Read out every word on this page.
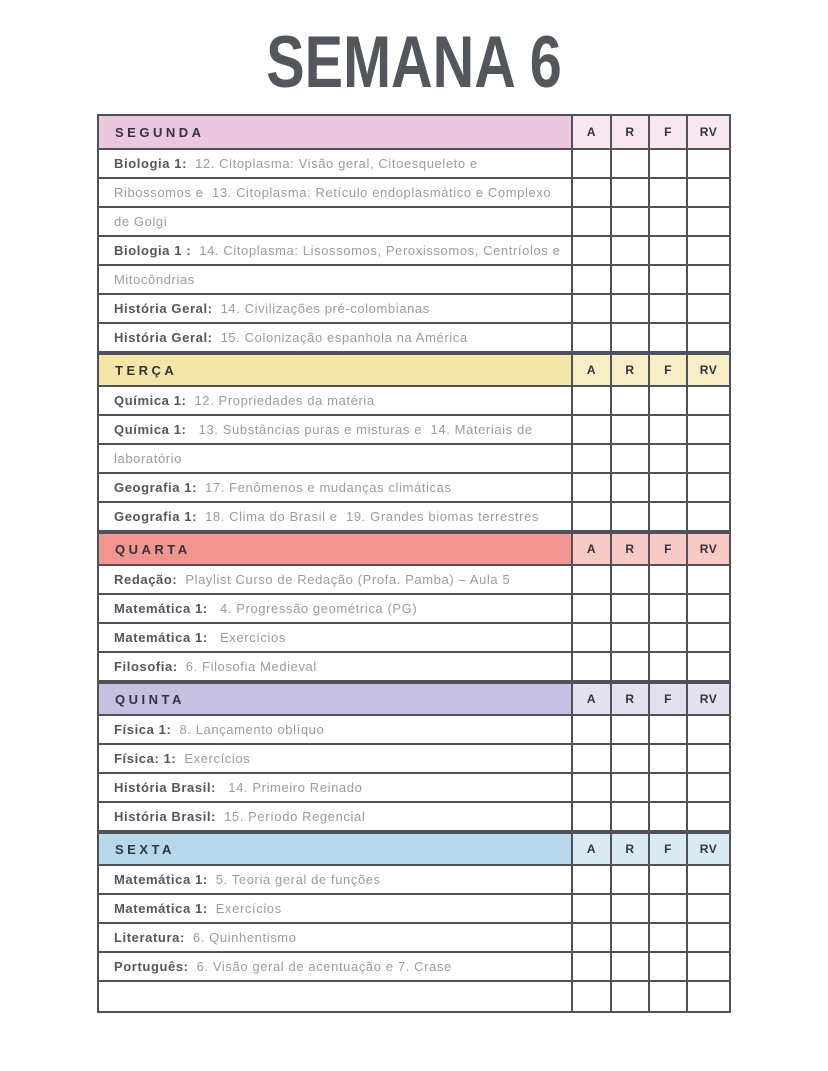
SEMANA 6
SEGUNDA	A	R	F	RV
Biologia 1: 12. Citoplasma: Visão geral, Citoesqueleto e
Ribossomos e  13. Citoplasma: Retículo endoplasmático e Complexo
de Golgi
Biologia 1 : 14. Citoplasma: Lisossomos, Peroxissomos, Centríolos e
Mitocôndrias
História Geral: 14. Civilizações pré-colombianas
História Geral: 15. Colonização espanhola na América
TERÇA	A	R	F	RV
Química 1: 12. Propriedades da matéria
Química 1: 13. Substâncias puras e misturas e  14. Materiais de
laboratório
Geografia 1: 17. Fenômenos e mudanças climáticas
Geografia 1: 18. Clima do Brasil e  19. Grandes biomas terrestres
QUARTA	A	R	F	RV
Redação: Playlist Curso de Redação (Profa. Pamba) – Aula 5
Matemática 1: 4. Progressão geométrica (PG)
Matemática 1: Exercícios
Filosofia: 6. Filosofia Medieval
QUINTA	A	R	F	RV
Física 1: 8. Lançamento oblíquo
Física: 1: Exercícios
História Brasil: 14. Primeiro Reinado
História Brasil: 15. Período Regencial
SEXTA	A	R	F	RV
Matemática 1: 5. Teoria geral de funções
Matemática 1: Exercícios
Literatura: 6. Quinhentismo
Português: 6. Visão geral de acentuação e 7. Crase
